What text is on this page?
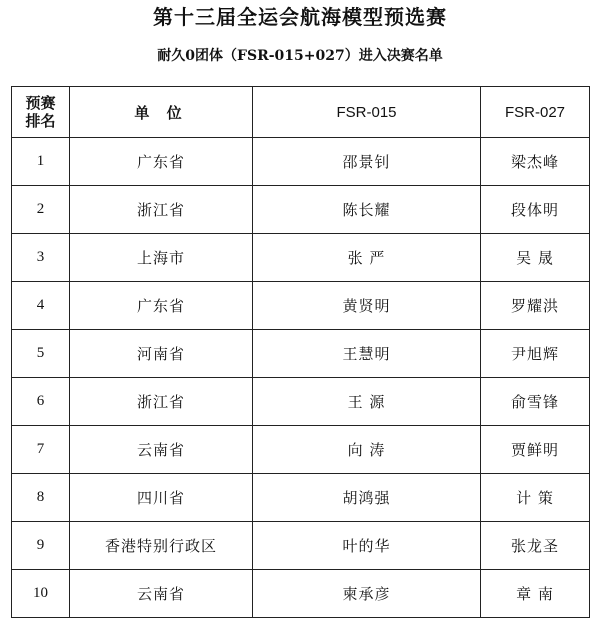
第十三届全运会航海模型预选赛
耐久0团体（FSR-015+027）进入决赛名单
预赛排名	单 位	FSR-015	FSR-027
1	广东省	邵景钊	梁杰峰
2	浙江省	陈长耀	段体明
3	上海市	张 严	吴 晟
4	广东省	黄贤明	罗耀洪
5	河南省	王慧明	尹旭辉
6	浙江省	王 源	俞雪锋
7	云南省	向 涛	贾鲜明
8	四川省	胡鸿强	计 策
9	香港特别行政区	叶的华	张龙圣
10	云南省	柬承彦	章 南
